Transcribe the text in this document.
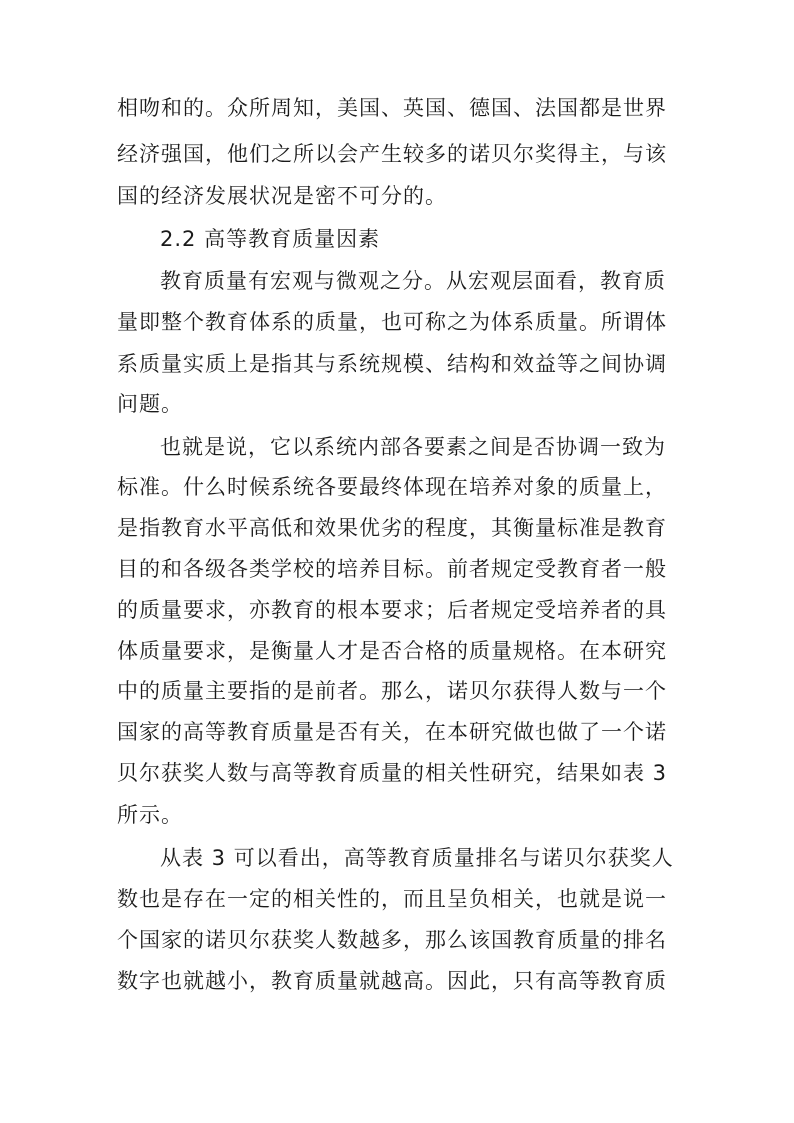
相吻和的。众所周知，美国、英国、德国、法国都是世界
经济强国，他们之所以会产生较多的诺贝尔奖得主，与该
国的经济发展状况是密不可分的。
2.2 高等教育质量因素
教育质量有宏观与微观之分。从宏观层面看，教育质
量即整个教育体系的质量，也可称之为体系质量。所谓体
系质量实质上是指其与系统规模、结构和效益等之间协调
问题。
也就是说，它以系统内部各要素之间是否协调一致为
标准。什么时候系统各要最终体现在培养对象的质量上，
是指教育水平高低和效果优劣的程度，其衡量标准是教育
目的和各级各类学校的培养目标。前者规定受教育者一般
的质量要求，亦教育的根本要求；后者规定受培养者的具
体质量要求，是衡量人才是否合格的质量规格。在本研究
中的质量主要指的是前者。那么，诺贝尔获得人数与一个
国家的高等教育质量是否有关，在本研究做也做了一个诺
贝尔获奖人数与高等教育质量的相关性研究，结果如表 3
所示。
从表 3 可以看出，高等教育质量排名与诺贝尔获奖人
数也是存在一定的相关性的，而且呈负相关，也就是说一
个国家的诺贝尔获奖人数越多，那么该国教育质量的排名
数字也就越小，教育质量就越高。因此，只有高等教育质
